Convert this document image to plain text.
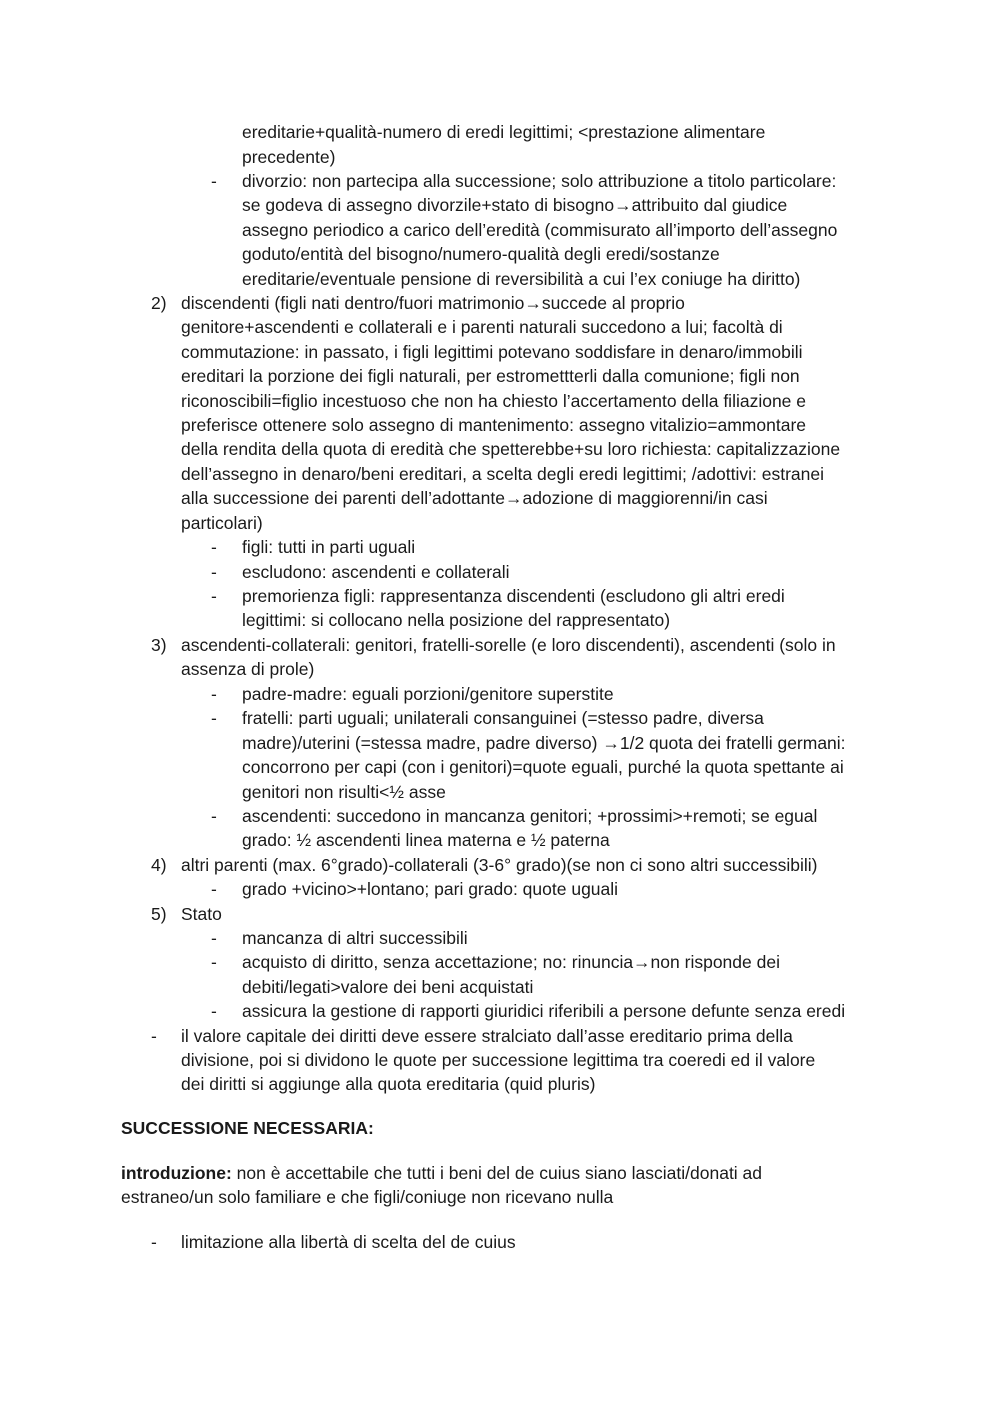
ereditarie+qualità-numero di eredi legittimi; <prestazione alimentare
precedente)
- divorzio: non partecipa alla successione; solo attribuzione a titolo particolare:
se godeva di assegno divorzile+stato di bisogno→attribuito dal giudice
assegno periodico a carico dell’eredità (commisurato all’importo dell’assegno
goduto/entità del bisogno/numero-qualità degli eredi/sostanze
ereditarie/eventuale pensione di reversibilità a cui l’ex coniuge ha diritto)
2) discendenti (figli nati dentro/fuori matrimonio→succede al proprio
genitore+ascendenti e collaterali e i parenti naturali succedono a lui; facoltà di
commutazione: in passato, i figli legittimi potevano soddisfare in denaro/immobili
ereditari la porzione dei figli naturali, per estromettterli dalla comunione; figli non
riconoscibili=figlio incestuoso che non ha chiesto l’accertamento della filiazione e
preferisce ottenere solo assegno di mantenimento: assegno vitalizio=ammontare
della rendita della quota di eredità che spetterebbe+su loro richiesta: capitalizzazione
dell’assegno in denaro/beni ereditari, a scelta degli eredi legittimi; /adottivi: estranei
alla successione dei parenti dell’adottante→adozione di maggiorenni/in casi
particolari)
- figli: tutti in parti uguali
- escludono: ascendenti e collaterali
- premorienza figli: rappresentanza discendenti (escludono gli altri eredi
legittimi: si collocano nella posizione del rappresentato)
3) ascendenti-collaterali: genitori, fratelli-sorelle (e loro discendenti), ascendenti (solo in
assenza di prole)
- padre-madre: eguali porzioni/genitore superstite
- fratelli: parti uguali; unilaterali consanguinei (=stesso padre, diversa
madre)/uterini (=stessa madre, padre diverso) →1/2 quota dei fratelli germani:
concorrono per capi (con i genitori)=quote eguali, purché la quota spettante ai
genitori non risulti<½ asse
- ascendenti: succedono in mancanza genitori; +prossimi>+remoti; se egual
grado: ½ ascendenti linea materna e ½ paterna
4) altri parenti (max. 6°grado)-collaterali (3-6° grado)(se non ci sono altri successibili)
- grado +vicino>+lontano; pari grado: quote uguali
5) Stato
- mancanza di altri successibili
- acquisto di diritto, senza accettazione; no: rinuncia→non risponde dei
debiti/legati>valore dei beni acquistati
- assicura la gestione di rapporti giuridici riferibili a persone defunte senza eredi
- il valore capitale dei diritti deve essere stralciato dall’asse ereditario prima della
divisione, poi si dividono le quote per successione legittima tra coeredi ed il valore
dei diritti si aggiunge alla quota ereditaria (quid pluris)
SUCCESSIONE NECESSARIA:
introduzione: non è accettabile che tutti i beni del de cuius siano lasciati/donati ad
estraneo/un solo familiare e che figli/coniuge non ricevano nulla
- limitazione alla libertà di scelta del de cuius
